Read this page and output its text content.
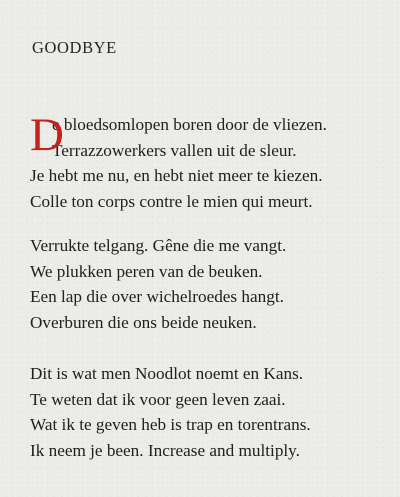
GOODBYE
D
e bloedsomlopen boren door de vliezen.
Terrazzowerkers vallen uit de sleur.
Je hebt me nu, en hebt niet meer te kiezen.
Colle ton corps contre le mien qui meurt.
Verrukte telgang. Gêne die me vangt.
We plukken peren van de beuken.
Een lap die over wichelroedes hangt.
Overburen die ons beide neuken.
Dit is wat men Noodlot noemt en Kans.
Te weten dat ik voor geen leven zaai.
Wat ik te geven heb is trap en torentrans.
Ik neem je been. Increase and multiply.
